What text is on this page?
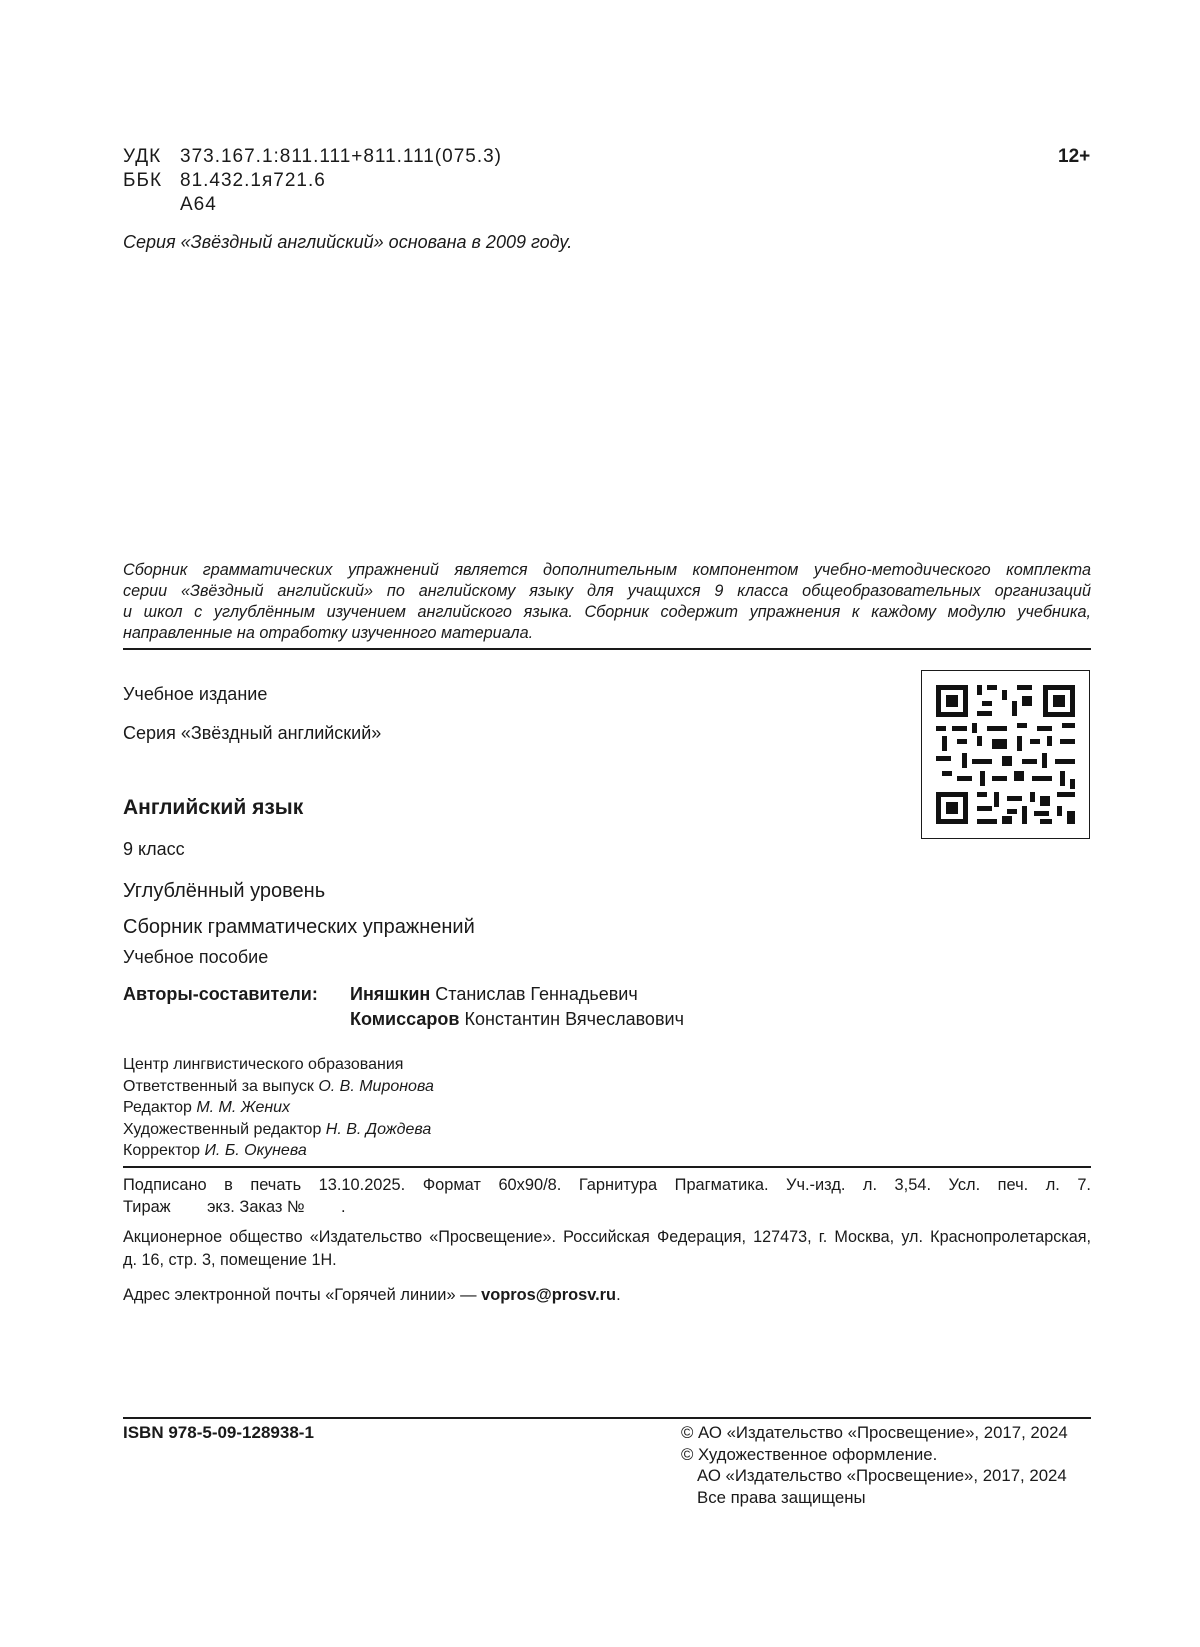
УДК 373.167.1:811.111+811.111(075.3)
ББК 81.432.1я721.6
А64
12+
Серия «Звёздный английский» основана в 2009 году.
Сборник грамматических упражнений является дополнительным компонентом учебно-методического комплекта
серии «Звёздный английский» по английскому языку для учащихся 9 класса общеобразовательных организаций
и школ с углублённым изучением английского языка. Сборник содержит упражнения к каждому модулю учебника,
направленные на отработку изученного материала.
Учебное издание
Серия «Звёздный английский»
Английский язык
9 класс
Углублённый уровень
Сборник грамматических упражнений
Учебное пособие
Авторы-составители: Иняшкин Станислав Геннадьевич
Комиссаров Константин Вячеславович
Центр лингвистического образования
Ответственный за выпуск О. В. Миронова
Редактор М. М. Жених
Художественный редактор Н. В. Дождева
Корректор И. Б. Окунева
Подписано в печать 13.10.2025. Формат 60x90/8. Гарнитура Прагматика. Уч.-изд. л. 3,54. Усл. печ. л. 7.
Тираж        экз. Заказ №        .
Акционерное общество «Издательство «Просвещение». Российская Федерация, 127473, г. Москва, ул. Краснопролетарская,
д. 16, стр. 3, помещение 1Н.
Адрес электронной почты «Горячей линии» — vopros@prosv.ru.
ISBN 978-5-09-128938-1	© АО «Издательство «Просвещение», 2017, 2024
© Художественное оформление.
АО «Издательство «Просвещение», 2017, 2024
Все права защищены
